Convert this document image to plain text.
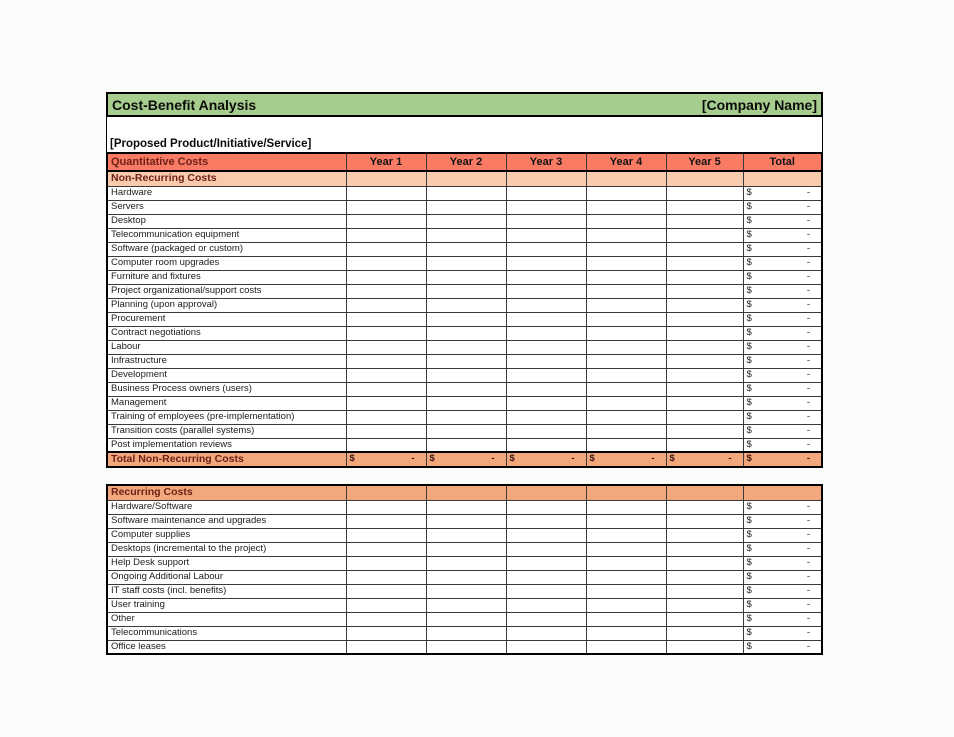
Cost-Benefit Analysis	[Company Name]
[Proposed Product/Initiative/Service]
Quantitative Costs	Year 1	Year 2	Year 3	Year 4	Year 5	Total
Non-Recurring Costs						
Hardware						$ -

Servers						$ -

Desktop						$ -

Telecommunication equipment						$ -

Software (packaged or custom)						$ -

Computer room upgrades						$ -

Furniture and fixtures						$ -

Project organizational/support costs						$ -

Planning (upon approval)						$ -

Procurement						$ -

Contract negotiations						$ -

Labour						$ -

Infrastructure						$ -

Development						$ -

Business Process owners (users)						$ -

Management						$ -

Training of employees (pre-implementation)						$ -

Transition costs (parallel systems)						$ -

Post implementation reviews						$ -

Total Non-Recurring Costs	$ -	$ -	$ -	$ -	$ -	$ -
Recurring Costs						
Hardware/Software						$ -

Software maintenance and upgrades						$ -

Computer supplies						$ -

Desktops (incremental to the project)						$ -

Help Desk support						$ -

Ongoing Additional Labour						$ -

IT staff costs (incl. benefits)						$ -

User training						$ -

Other						$ -

Telecommunications						$ -

Office leases						$ -
